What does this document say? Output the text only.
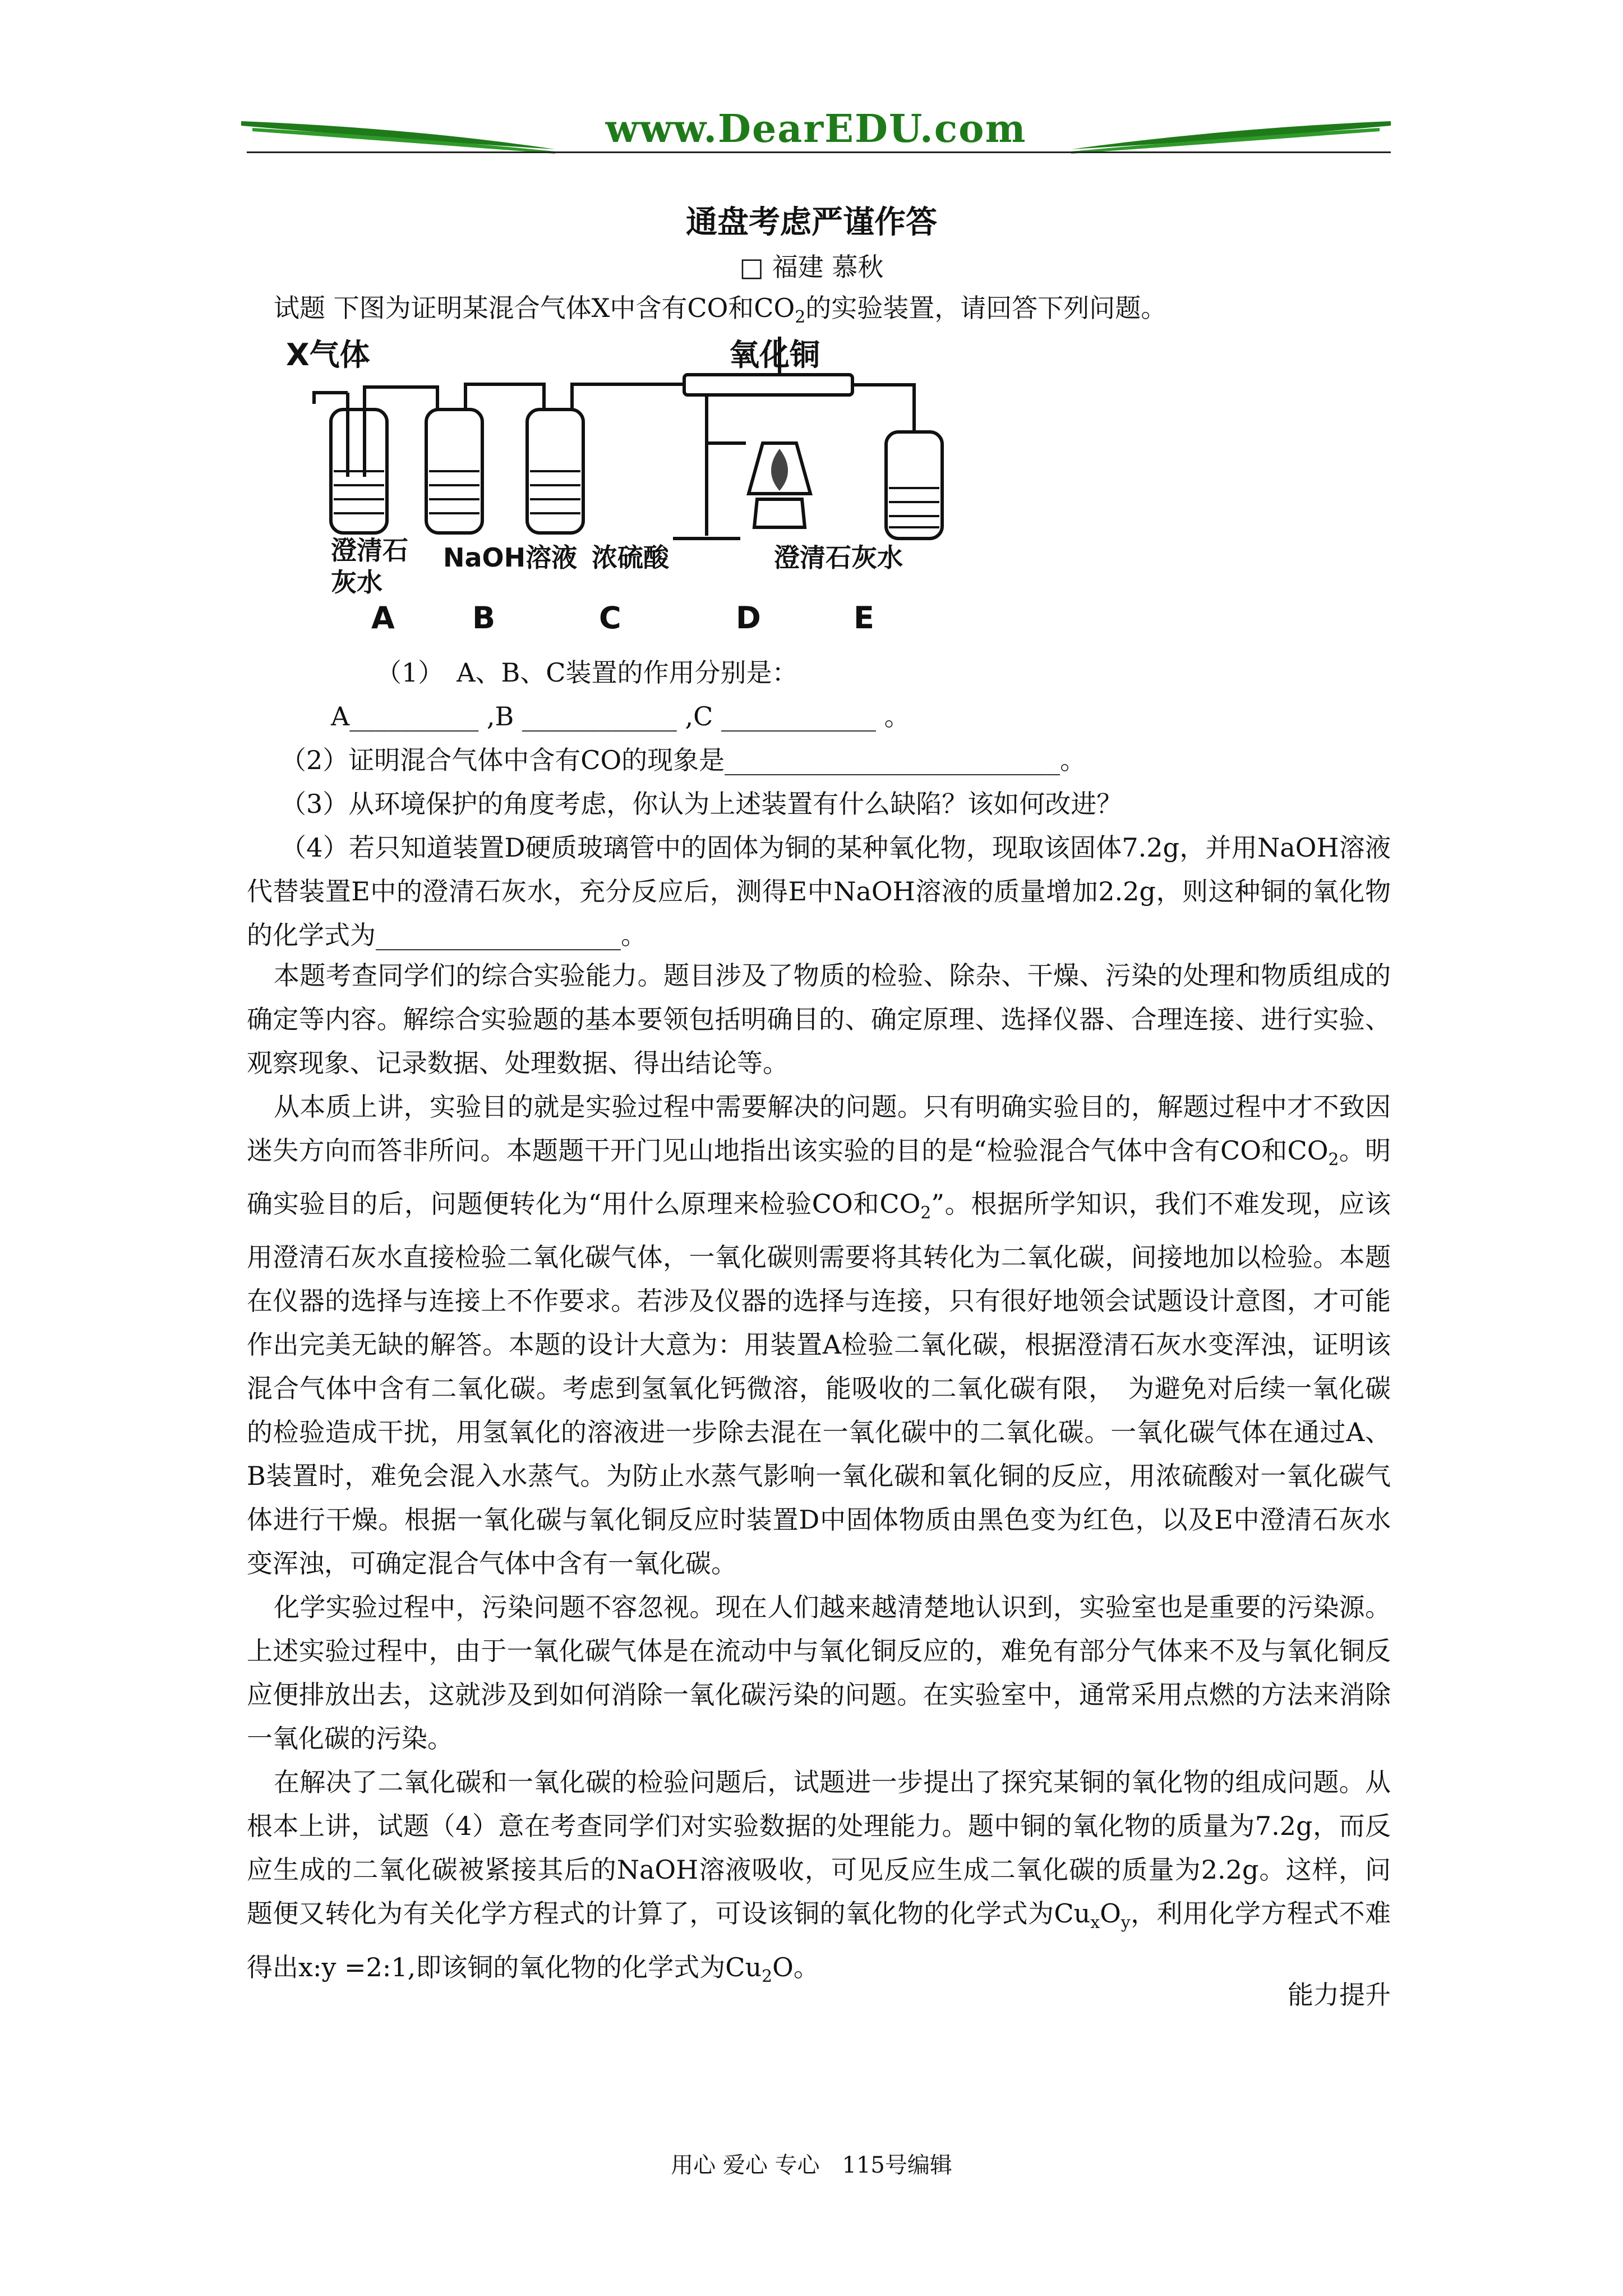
www.DearEDU.com
通盘考虑严谨作答
□ 福建 慕秋

试题 下图为证明某混合气体X中含有CO和$CO_2$的实验装置，请回答下列问题。

X气体	氧化铜
澄清石
灰水
NaOH溶液 浓硫酸	澄清石灰水
A	B	C	D	E

（1）　A、B、C装置的作用分别是：

A__________ ,B ____________ ,C ____________ 。

（2）证明混合气体中含有CO的现象是__________________________。

（3）从环境保护的角度考虑，你认为上述装置有什么缺陷？该如何改进？

（4）若只知道装置D硬质玻璃管中的固体为铜的某种氧化物，现取该固体7.2g，并用NaOH溶液代替装置E中的澄清石灰水，充分反应后，测得E中NaOH溶液的质量增加2.2g，则这种铜的氧化物的化学式为___________________。

本题考查同学们的综合实验能力。题目涉及了物质的检验、除杂、干燥、污染的处理和物质组成的确定等内容。解综合实验题的基本要领包括明确目的、确定原理、选择仪器、合理连接、进行实验、观察现象、记录数据、处理数据、得出结论等。

从本质上讲，实验目的就是实验过程中需要解决的问题。只有明确实验目的，解题过程中才不致因迷失方向而答非所问。本题题干开门见山地指出该实验的目的是“检验混合气体中含有CO和$CO_2$。明确实验目的后，问题便转化为“用什么原理来检验CO和$CO_2$”。根据所学知识，我们不难发现，应该用澄清石灰水直接检验二氧化碳气体，一氧化碳则需要将其转化为二氧化碳，间接地加以检验。本题在仪器的选择与连接上不作要求。若涉及仪器的选择与连接，只有很好地领会试题设计意图，才可能作出完美无缺的解答。本题的设计大意为：用装置A检验二氧化碳，根据澄清石灰水变浑浊，证明该混合气体中含有二氧化碳。考虑到氢氧化钙微溶，能吸收的二氧化碳有限，　为避免对后续一氧化碳的检验造成干扰，用氢氧化的溶液进一步除去混在一氧化碳中的二氧化碳。一氧化碳气体在通过A、B装置时，难免会混入水蒸气。为防止水蒸气影响一氧化碳和氧化铜的反应，用浓硫酸对一氧化碳气体进行干燥。根据一氧化碳与氧化铜反应时装置D中固体物质由黑色变为红色，以及E中澄清石灰水变浑浊，可确定混合气体中含有一氧化碳。

化学实验过程中，污染问题不容忽视。现在人们越来越清楚地认识到，实验室也是重要的污染源。上述实验过程中，由于一氧化碳气体是在流动中与氧化铜反应的，难免有部分气体来不及与氧化铜反应便排放出去，这就涉及到如何消除一氧化碳污染的问题。在实验室中，通常采用点燃的方法来消除一氧化碳的污染。

在解决了二氧化碳和一氧化碳的检验问题后，试题进一步提出了探究某铜的氧化物的组成问题。从根本上讲，试题（4）意在考查同学们对实验数据的处理能力。题中铜的氧化物的质量为7.2g，而反应生成的二氧化碳被紧接其后的NaOH溶液吸收，可见反应生成二氧化碳的质量为2.2g。这样，问题便又转化为有关化学方程式的计算了，可设该铜的氧化物的化学式为$Cu_xO_y$，利用化学方程式不难得出x:y =2:1,即该铜的氧化物的化学式为$Cu_2O$。

能力提升
用心 爱心 专心　115号编辑
